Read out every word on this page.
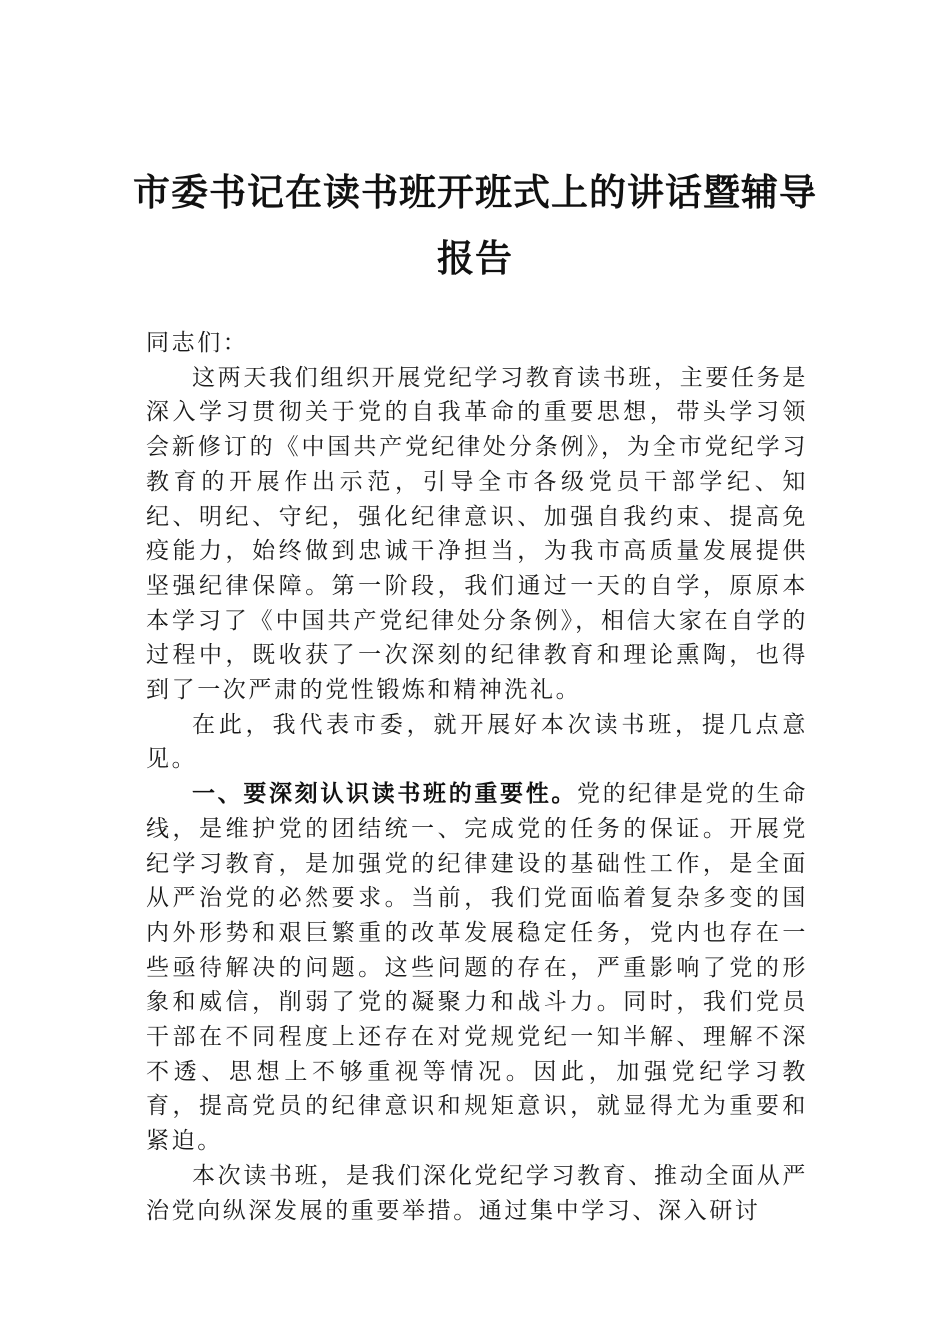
市委书记在读书班开班式上的讲话暨辅导
报告

同志们：

这两天我们组织开展党纪学习教育读书班，主要任务是深入学习贯彻关于党的自我革命的重要思想，带头学习领会新修订的《中国共产党纪律处分条例》，为全市党纪学习教育的开展作出示范，引导全市各级党员干部学纪、知纪、明纪、守纪，强化纪律意识、加强自我约束、提高免疫能力，始终做到忠诚干净担当，为我市高质量发展提供坚强纪律保障。第一阶段，我们通过一天的自学，原原本本学习了《中国共产党纪律处分条例》，相信大家在自学的过程中，既收获了一次深刻的纪律教育和理论熏陶，也得到了一次严肃的党性锻炼和精神洗礼。

在此，我代表市委，就开展好本次读书班，提几点意见。

一、要深刻认识读书班的重要性。党的纪律是党的生命线，是维护党的团结统一、完成党的任务的保证。开展党纪学习教育，是加强党的纪律建设的基础性工作，是全面从严治党的必然要求。当前，我们党面临着复杂多变的国内外形势和艰巨繁重的改革发展稳定任务，党内也存在一些亟待解决的问题。这些问题的存在，严重影响了党的形象和威信，削弱了党的凝聚力和战斗力。同时，我们党员干部在不同程度上还存在对党规党纪一知半解、理解不深不透、思想上不够重视等情况。因此，加强党纪学习教育，提高党员的纪律意识和规矩意识，就显得尤为重要和紧迫。

本次读书班，是我们深化党纪学习教育、推动全面从严治党向纵深发展的重要举措。通过集中学习、深入研讨
